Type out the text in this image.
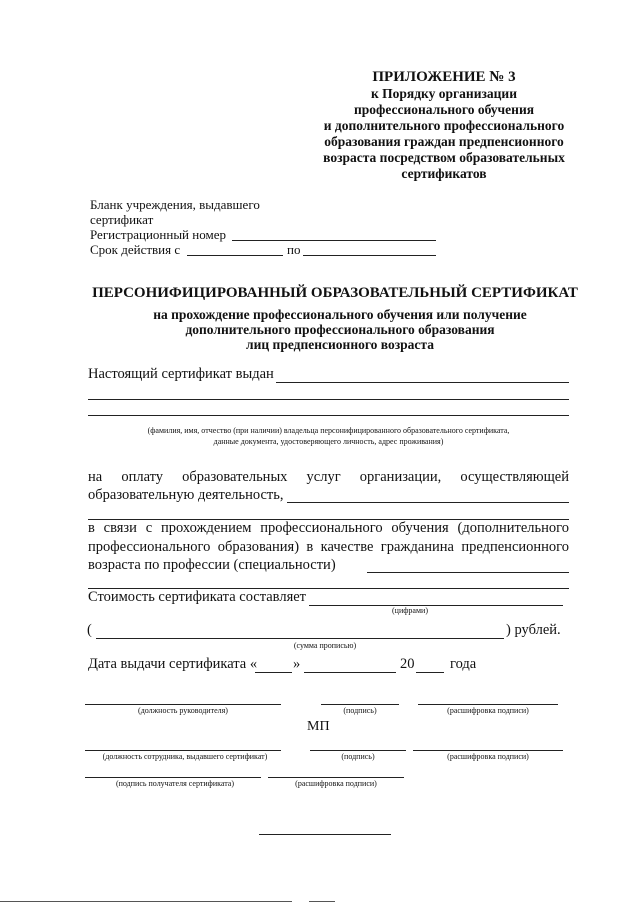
ПРИЛОЖЕНИЕ № 3
к Порядку организации
профессионального обучения
и дополнительного профессионального
образования граждан предпенсионного
возраста посредством образовательных
сертификатов
Бланк учреждения, выдавшего
сертификат
Регистрационный номер
Срок действия с	по
ПЕРСОНИФИЦИРОВАННЫЙ ОБРАЗОВАТЕЛЬНЫЙ СЕРТИФИКАТ
на прохождение профессионального обучения или получение
дополнительного профессионального образования
лиц предпенсионного возраста
Настоящий сертификат выдан
(фамилия, имя, отчество (при наличии) владельца персонифицированного образовательного сертификата,
данные документа, удостоверяющего личность, адрес проживания)
на оплату образовательных услуг организации, осуществляющей
образовательную деятельность,
в связи с прохождением профессионального обучения (дополнительного
профессионального образования) в качестве гражданина предпенсионного
возраста по профессии (специальности)
Стоимость сертификата составляет
(цифрами)
(	) рублей.
(сумма прописью)
Дата выдачи сертификата « »	20 года
(должность руководителя)	(подпись)	(расшифровка подписи)
МП
(должность сотрудника, выдавшего сертификат)	(подпись)	(расшифровка подписи)
(подпись получателя сертификата)	(расшифровка подписи)
